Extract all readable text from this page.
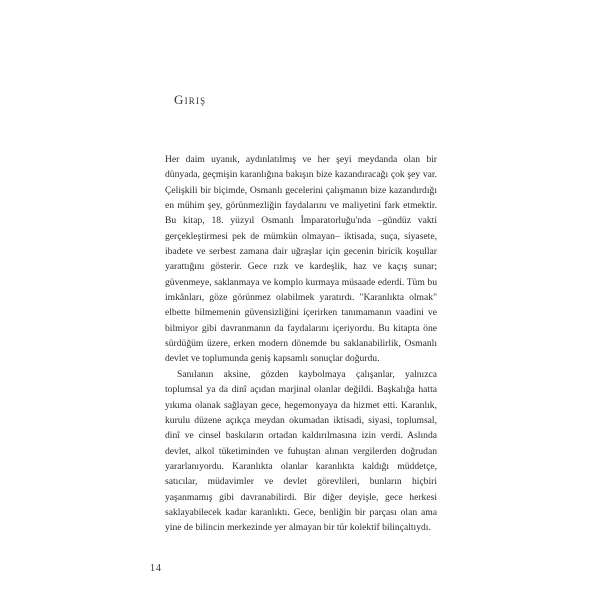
Giriş

Her daim uyanık, aydınlatılmış ve her şeyi meydanda olan bir dünyada, geçmişin karanlığına bakışın bize kazandıracağı çok şey var. Çelişkili bir biçimde, Osmanlı gecelerini çalışmanın bize kazandırdığı en mühim şey, görünmezliğin faydalarını ve maliyetini fark etmektir. Bu kitap, 18. yüzyıl Osmanlı İmparatorluğu'nda –gündüz vakti gerçekleştirmesi pek de mümkün olmayan– iktisada, suça, siyasete, ibadete ve serbest zamana dair uğraşlar için gecenin biricik koşullar yarattığını gösterir. Gece rızk ve kardeşlik, haz ve kaçış sunar; güvenmeye, saklanmaya ve komplo kurmaya müsaade ederdi. Tüm bu imkânları, göze görünmez olabilmek yaratırdı. "Karanlıkta olmak" elbette bilmemenin güvensizliğini içerirken tanımamanın vaadini ve bilmiyor gibi davranmanın da faydalarını içeriyordu. Bu kitapta öne sürdüğüm üzere, erken modern dönemde bu saklanabilirlik, Osmanlı devlet ve toplumunda geniş kapsamlı sonuçlar doğurdu.

Sanılanın aksine, gözden kaybolmaya çalışanlar, yalnızca toplumsal ya da dinî açıdan marjinal olanlar değildi. Başkalığa hatta yıkıma olanak sağlayan gece, hegemonyaya da hizmet etti. Karanlık, kurulu düzene açıkça meydan okumadan iktisadi, siyasi, toplumsal, dinî ve cinsel baskıların ortadan kaldırılmasına izin verdi. Aslında devlet, alkol tüketiminden ve fuhuştan alınan vergilerden doğrudan yararlanıyordu. Karanlıkta olanlar karanlıkta kaldığı müddetçe, satıcılar, müdavimler ve devlet görevlileri, bunların hiçbiri yaşanmamış gibi davranabilirdi. Bir diğer deyişle, gece herkesi saklayabilecek kadar karanlıktı. Gece, benliğin bir parçası olan ama yine de bilincin merkezinde yer almayan bir tür kolektif bilinçaltıydı.

14
